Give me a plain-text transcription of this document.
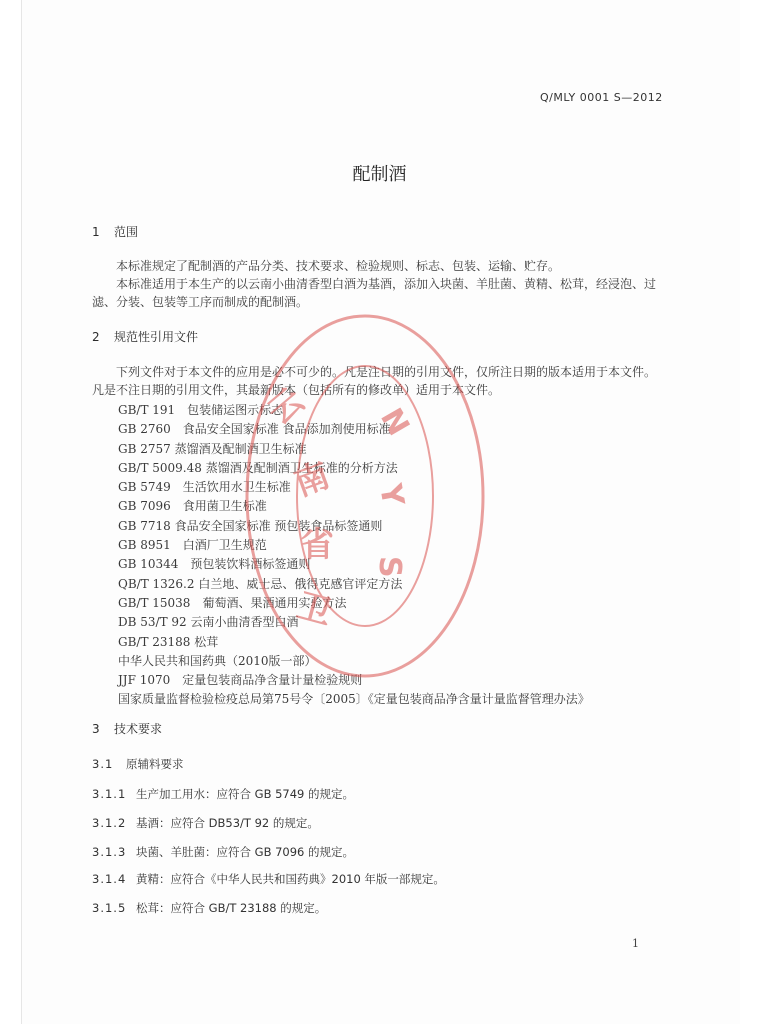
Q/MLY 0001 S—2012
配制酒
1 范围
本标准规定了配制酒的产品分类、技术要求、检验规则、标志、包装、运输、贮存。
本标准适用于本生产的以云南小曲清香型白酒为基酒，添加入块菌、羊肚菌、黄精、松茸，经浸泡、过滤、分装、包装等工序而制成的配制酒。
2 规范性引用文件
下列文件对于本文件的应用是必不可少的。凡是注日期的引用文件，仅所注日期的版本适用于本文件。凡是不注日期的引用文件，其最新版本（包括所有的修改单）适用于本文件。
GB/T 191　包装储运图示标志
GB 2760　食品安全国家标准 食品添加剂使用标准
GB 2757 蒸馏酒及配制酒卫生标准
GB/T 5009.48 蒸馏酒及配制酒卫生标准的分析方法
GB 5749　生活饮用水卫生标准
GB 7096　食用菌卫生标准
GB 7718 食品安全国家标准 预包装食品标签通则
GB 8951　白酒厂卫生规范
GB 10344　预包装饮料酒标签通则
QB/T 1326.2 白兰地、威士忌、俄得克感官评定方法
GB/T 15038　葡萄酒、果酒通用实验方法
DB 53/T 92 云南小曲清香型白酒
GB/T 23188 松茸
中华人民共和国药典（2010版一部）
JJF 1070　定量包装商品净含量计量检验规则
国家质量监督检验检疫总局第75号令〔2005〕《定量包装商品净含量计量监督管理办法》
3 技术要求
3.1 原辅料要求
3.1.1 生产加工用水：应符合 GB 5749 的规定。
3.1.2 基酒：应符合 DB53/T 92 的规定。
3.1.3 块菌、羊肚菌：应符合 GB 7096 的规定。
3.1.4 黄精：应符合《中华人民共和国药典》2010 年版一部规定。
3.1.5 松茸：应符合 GB/T 23188 的规定。
1
云
南
省
卫
N
Y
S
